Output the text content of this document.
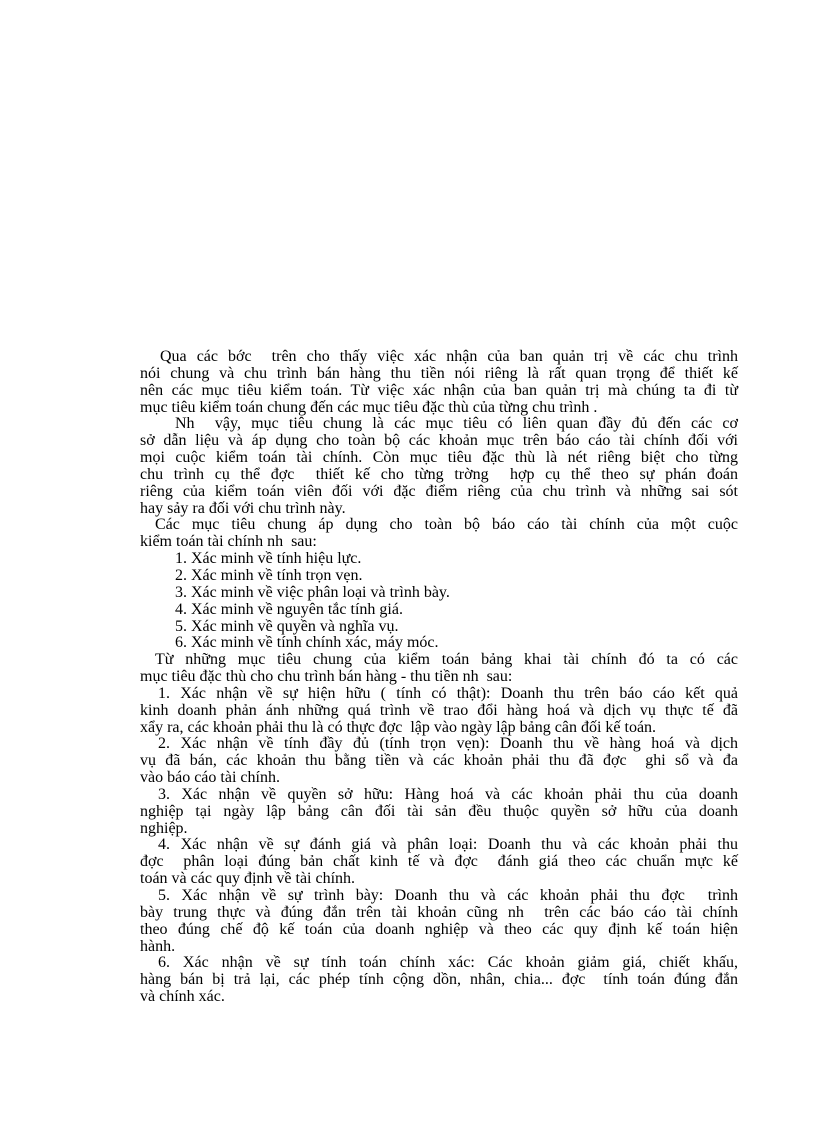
Qua các bớc  trên cho thấy việc xác nhận của ban quản trị về các chu trình
nói chung và chu trình bán hàng thu tiền nói riêng là rất quan trọng để thiết kế
nên các mục tiêu kiểm toán. Từ việc xác nhận của ban quản trị mà chúng ta đi từ
mục tiêu kiểm toán chung đến các mục tiêu đặc thù của từng chu trình .
Nh  vậy, mục tiêu chung là các mục tiêu có liên quan đầy đủ đến các cơ
sở dẫn liệu và áp dụng cho toàn bộ các khoản mục trên báo cáo tài chính đối với
mọi cuộc kiểm toán tài chính. Còn mục tiêu đặc thù là nét riêng biệt cho từng
chu trình cụ thể đợc  thiết kế cho từng trờng  hợp cụ thể theo sự phán đoán
riêng của kiểm toán viên đối với đặc điểm riêng của chu trình và những sai sót
hay sảy ra đối với chu trình này.
Các mục tiêu chung áp dụng cho toàn bộ báo cáo tài chính của một cuộc
kiểm toán tài chính nh  sau:
1. Xác minh về tính hiệu lực.
2. Xác minh về tính trọn vẹn.
3. Xác minh về việc phân loại và trình bày.
4. Xác minh về nguyên tắc tính giá.
5. Xác minh về quyền và nghĩa vụ.
6. Xác minh về tính chính xác, máy móc.
Từ những mục tiêu chung của kiểm toán bảng khai tài chính đó ta có các
mục tiêu đặc thù cho chu trình bán hàng - thu tiền nh  sau:
1. Xác nhận về sự hiện hữu ( tính có thật): Doanh thu trên báo cáo kết quả
kinh doanh phản ánh những quá trình về trao đổi hàng hoá và dịch vụ thực tế đã
xẩy ra, các khoản phải thu là có thực đợc  lập vào ngày lập bảng cân đối kế toán.
2. Xác nhận về tính đầy đủ (tính trọn vẹn): Doanh thu về hàng hoá và dịch
vụ đã bán, các khoản thu bằng tiền và các khoản phải thu đã đợc  ghi sổ và đa
vào báo cáo tài chính.
3. Xác nhận về quyền sở hữu: Hàng hoá và các khoản phải thu của doanh
nghiệp tại ngày lập bảng cân đối tài sản đều thuộc quyền sở hữu của doanh
nghiệp.
4. Xác nhận về sự đánh giá và phân loại: Doanh thu và các khoản phải thu
đợc  phân loại đúng bản chất kinh tế và đợc  đánh giá theo các chuẩn mực kế
toán và các quy định về tài chính.
5. Xác nhận về sự trình bày: Doanh thu và các khoản phải thu đợc  trình
bày trung thực và đúng đắn trên tài khoản cũng nh  trên các báo cáo tài chính
theo đúng chế độ kế toán của doanh nghiệp và theo các quy định kế toán hiện
hành.
6. Xác nhận về sự tính toán chính xác: Các khoản giảm giá, chiết khấu,
hàng bán bị trả lại, các phép tính cộng dồn, nhân, chia... đợc  tính toán đúng đắn
và chính xác.
